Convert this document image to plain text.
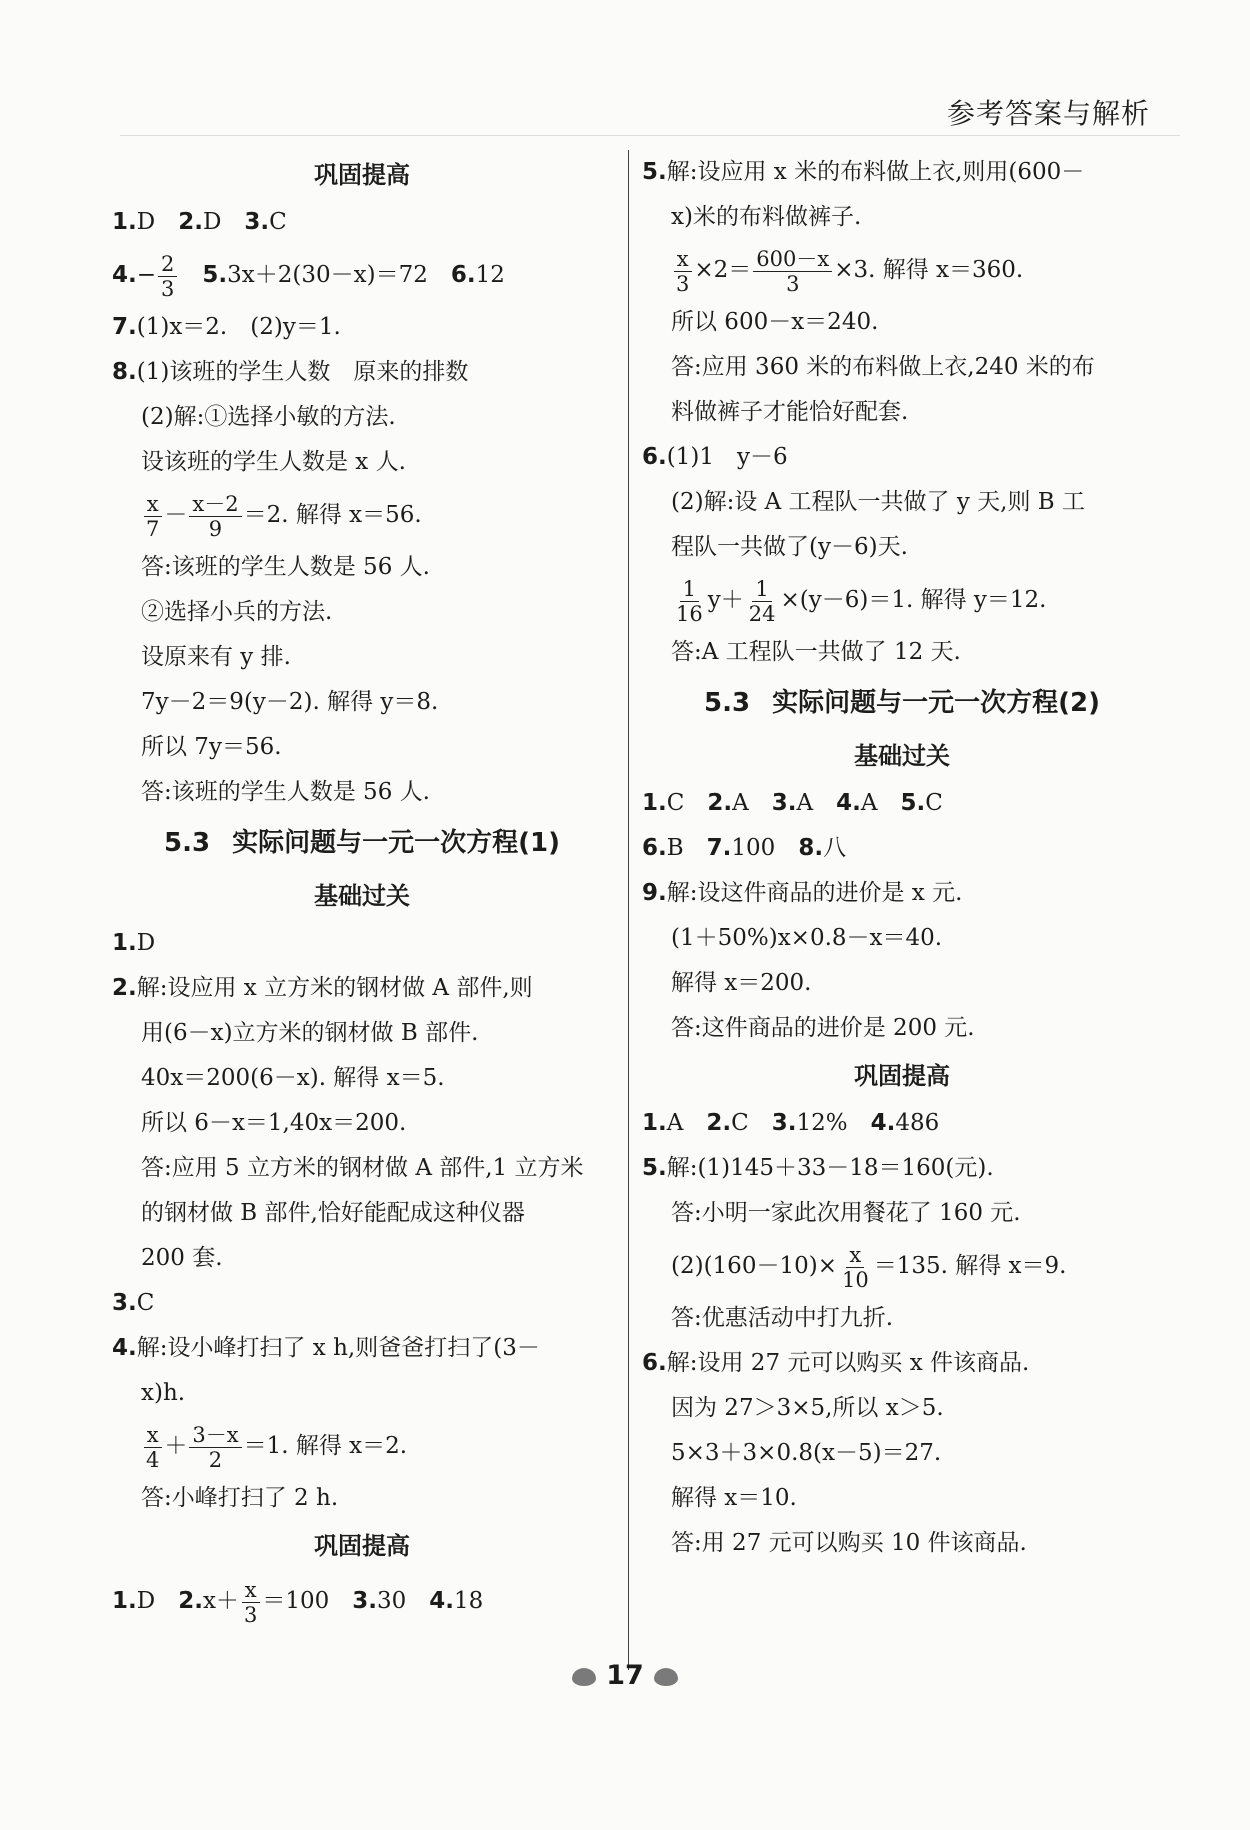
参考答案与解析
巩固提高
1.D  2.D  3.C
$4.- \frac{2}{3}$
  5.3x＋2(30－x)＝72  6.12
7.(1)x＝2.　(2)y＝1.
8.(1)该班的学生人数　原来的排数
(2)解:①选择小敏的方法.
设该班的学生人数是 x 人.
$\frac{x}{7} - \frac{x-2}{9} =2$. 解得 x＝56.
答:该班的学生人数是 56 人.
②选择小兵的方法.
设原来有 y 排.
7y－2＝9(y－2). 解得 y＝8.
所以 7y＝56.
答:该班的学生人数是 56 人.
5.3 实际问题与一元一次方程(1)
基础过关
1.D
2.解:设应用 x 立方米的钢材做 A 部件,则
用(6－x)立方米的钢材做 B 部件.
40x＝200(6－x). 解得 x＝5.
所以 6－x＝1,40x＝200.
答:应用 5 立方米的钢材做 A 部件,1 立方米
的钢材做 B 部件,恰好能配成这种仪器
200 套.
3.C
4.解:设小峰打扫了 x h,则爸爸打扫了(3－
x)h.
$\frac{x}{4} + \frac{3-x}{2} =1$. 解得 x＝2.
答:小峰打扫了 2 h.
巩固提高
1.D  $2.x+ \frac{x}{3} =100$  3.30  4.18
5.解:设应用 x 米的布料做上衣,则用(600－
x)米的布料做裤子.
$\frac{x}{3} \times 2= \frac{600-x}{3} \times 3$. 解得 x＝360.
所以 600－x＝240.
答:应用 360 米的布料做上衣,240 米的布
料做裤子才能恰好配套.
6.(1)1　y－6
(2)解:设 A 工程队一共做了 y 天,则 B 工
程队一共做了(y－6)天.
$\frac{1}{16} y+ \frac{1}{24} \times(y-6)=1$. 解得 y＝12.
答:A 工程队一共做了 12 天.
5.3 实际问题与一元一次方程(2)
基础过关
1.C  2.A  3.A  4.A  5.C
6.B  7.100  8.八
9.解:设这件商品的进价是 x 元.
(1＋50%)x×0.8－x＝40.
解得 x＝200.
答:这件商品的进价是 200 元.
巩固提高
1.A  2.C  3.12%  4.486
5.解:(1)145＋33－18＝160(元).
答:小明一家此次用餐花了 160 元.
$(2)(160-10)\times \frac{x}{10} =135$. 解得 x＝9.
答:优惠活动中打九折.
6.解:设用 27 元可以购买 x 件该商品.
因为 27＞3×5,所以 x＞5.
5×3＋3×0.8(x－5)＝27.
解得 x＝10.
答:用 27 元可以购买 10 件该商品.
17
